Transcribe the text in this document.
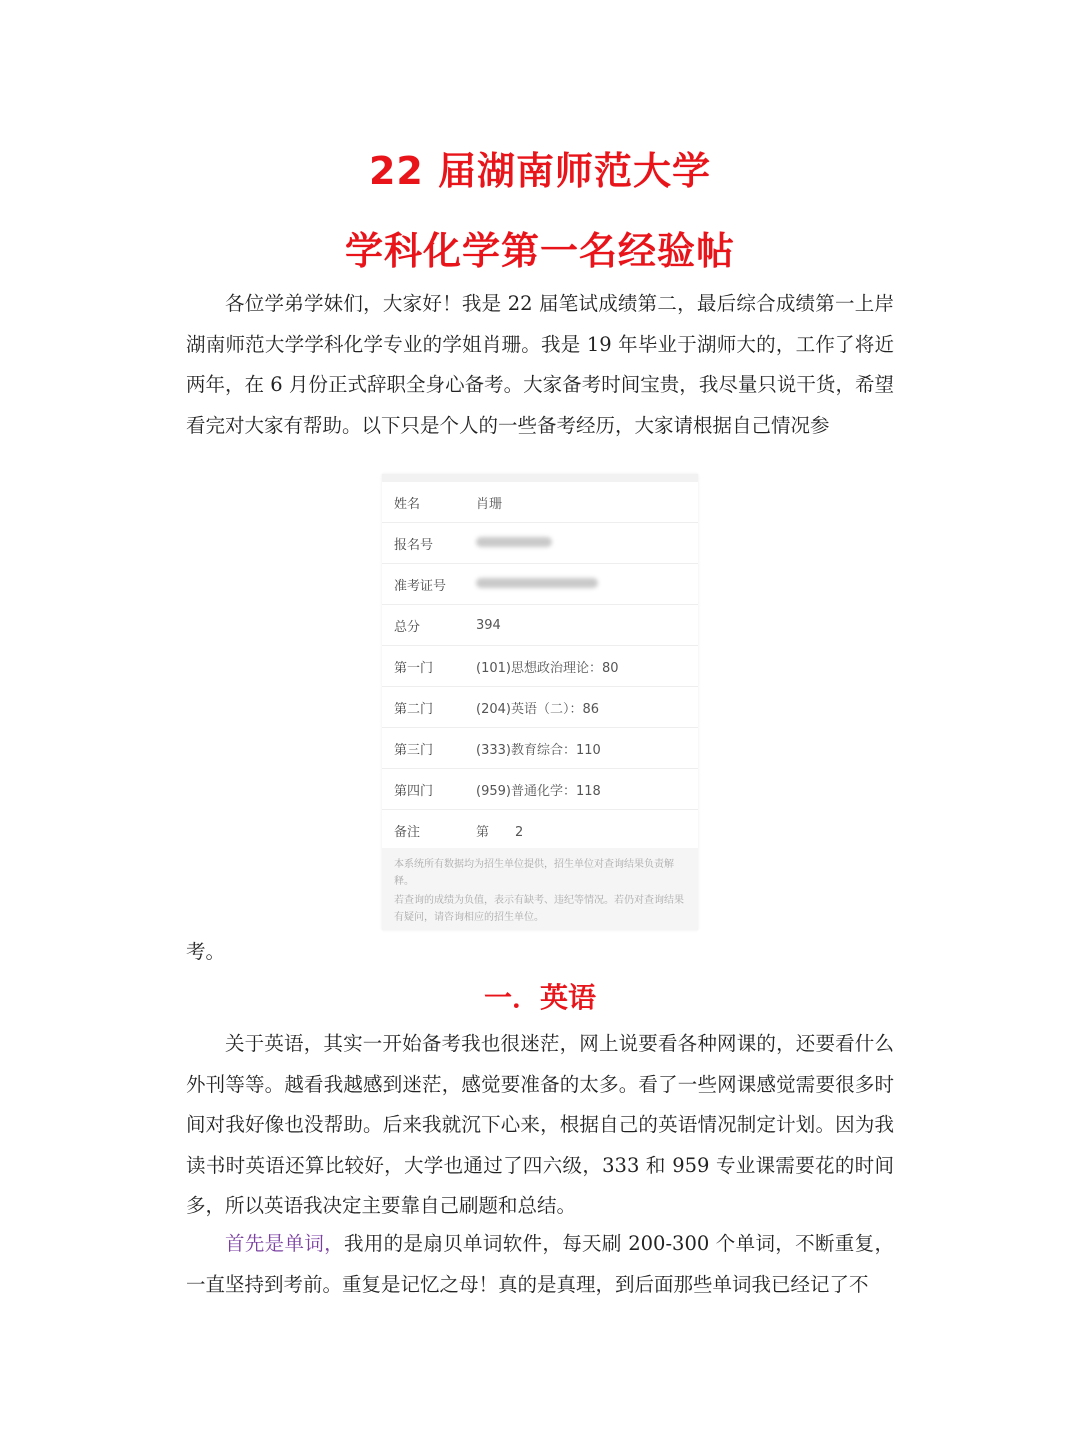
22 届湖南师范大学
学科化学第一名经验帖

各位学弟学妹们，大家好！我是 22 届笔试成绩第二，最后综合成绩第一上岸湖南师范大学学科化学专业的学姐肖珊。我是 19 年毕业于湖师大的，工作了将近两年，在 6 月份正式辞职全身心备考。大家备考时间宝贵，我尽量只说干货，希望看完对大家有帮助。以下只是个人的一些备考经历，大家请根据自己情况参

姓名	肖珊
报名号
准考证号
总分	394
第一门	(101)思想政治理论：80
第二门	(204)英语（二）：86
第三门	(333)教育综合：110
第四门	(959)普通化学：118
备注	第　　2

本系统所有数据均为招生单位提供，招生单位对查询结果负责解释。

若查询的成绩为负值，表示有缺考、违纪等情况。若仍对查询结果有疑问，请咨询相应的招生单位。

考。

一．英语

关于英语，其实一开始备考我也很迷茫，网上说要看各种网课的，还要看什么外刊等等。越看我越感到迷茫，感觉要准备的太多。看了一些网课感觉需要很多时间对我好像也没帮助。后来我就沉下心来，根据自己的英语情况制定计划。因为我读书时英语还算比较好，大学也通过了四六级，333 和 959 专业课需要花的时间多，所以英语我决定主要靠自己刷题和总结。

首先是单词，我用的是扇贝单词软件，每天刷 200-300 个单词，不断重复，一直坚持到考前。重复是记忆之母！真的是真理，到后面那些单词我已经记了不
